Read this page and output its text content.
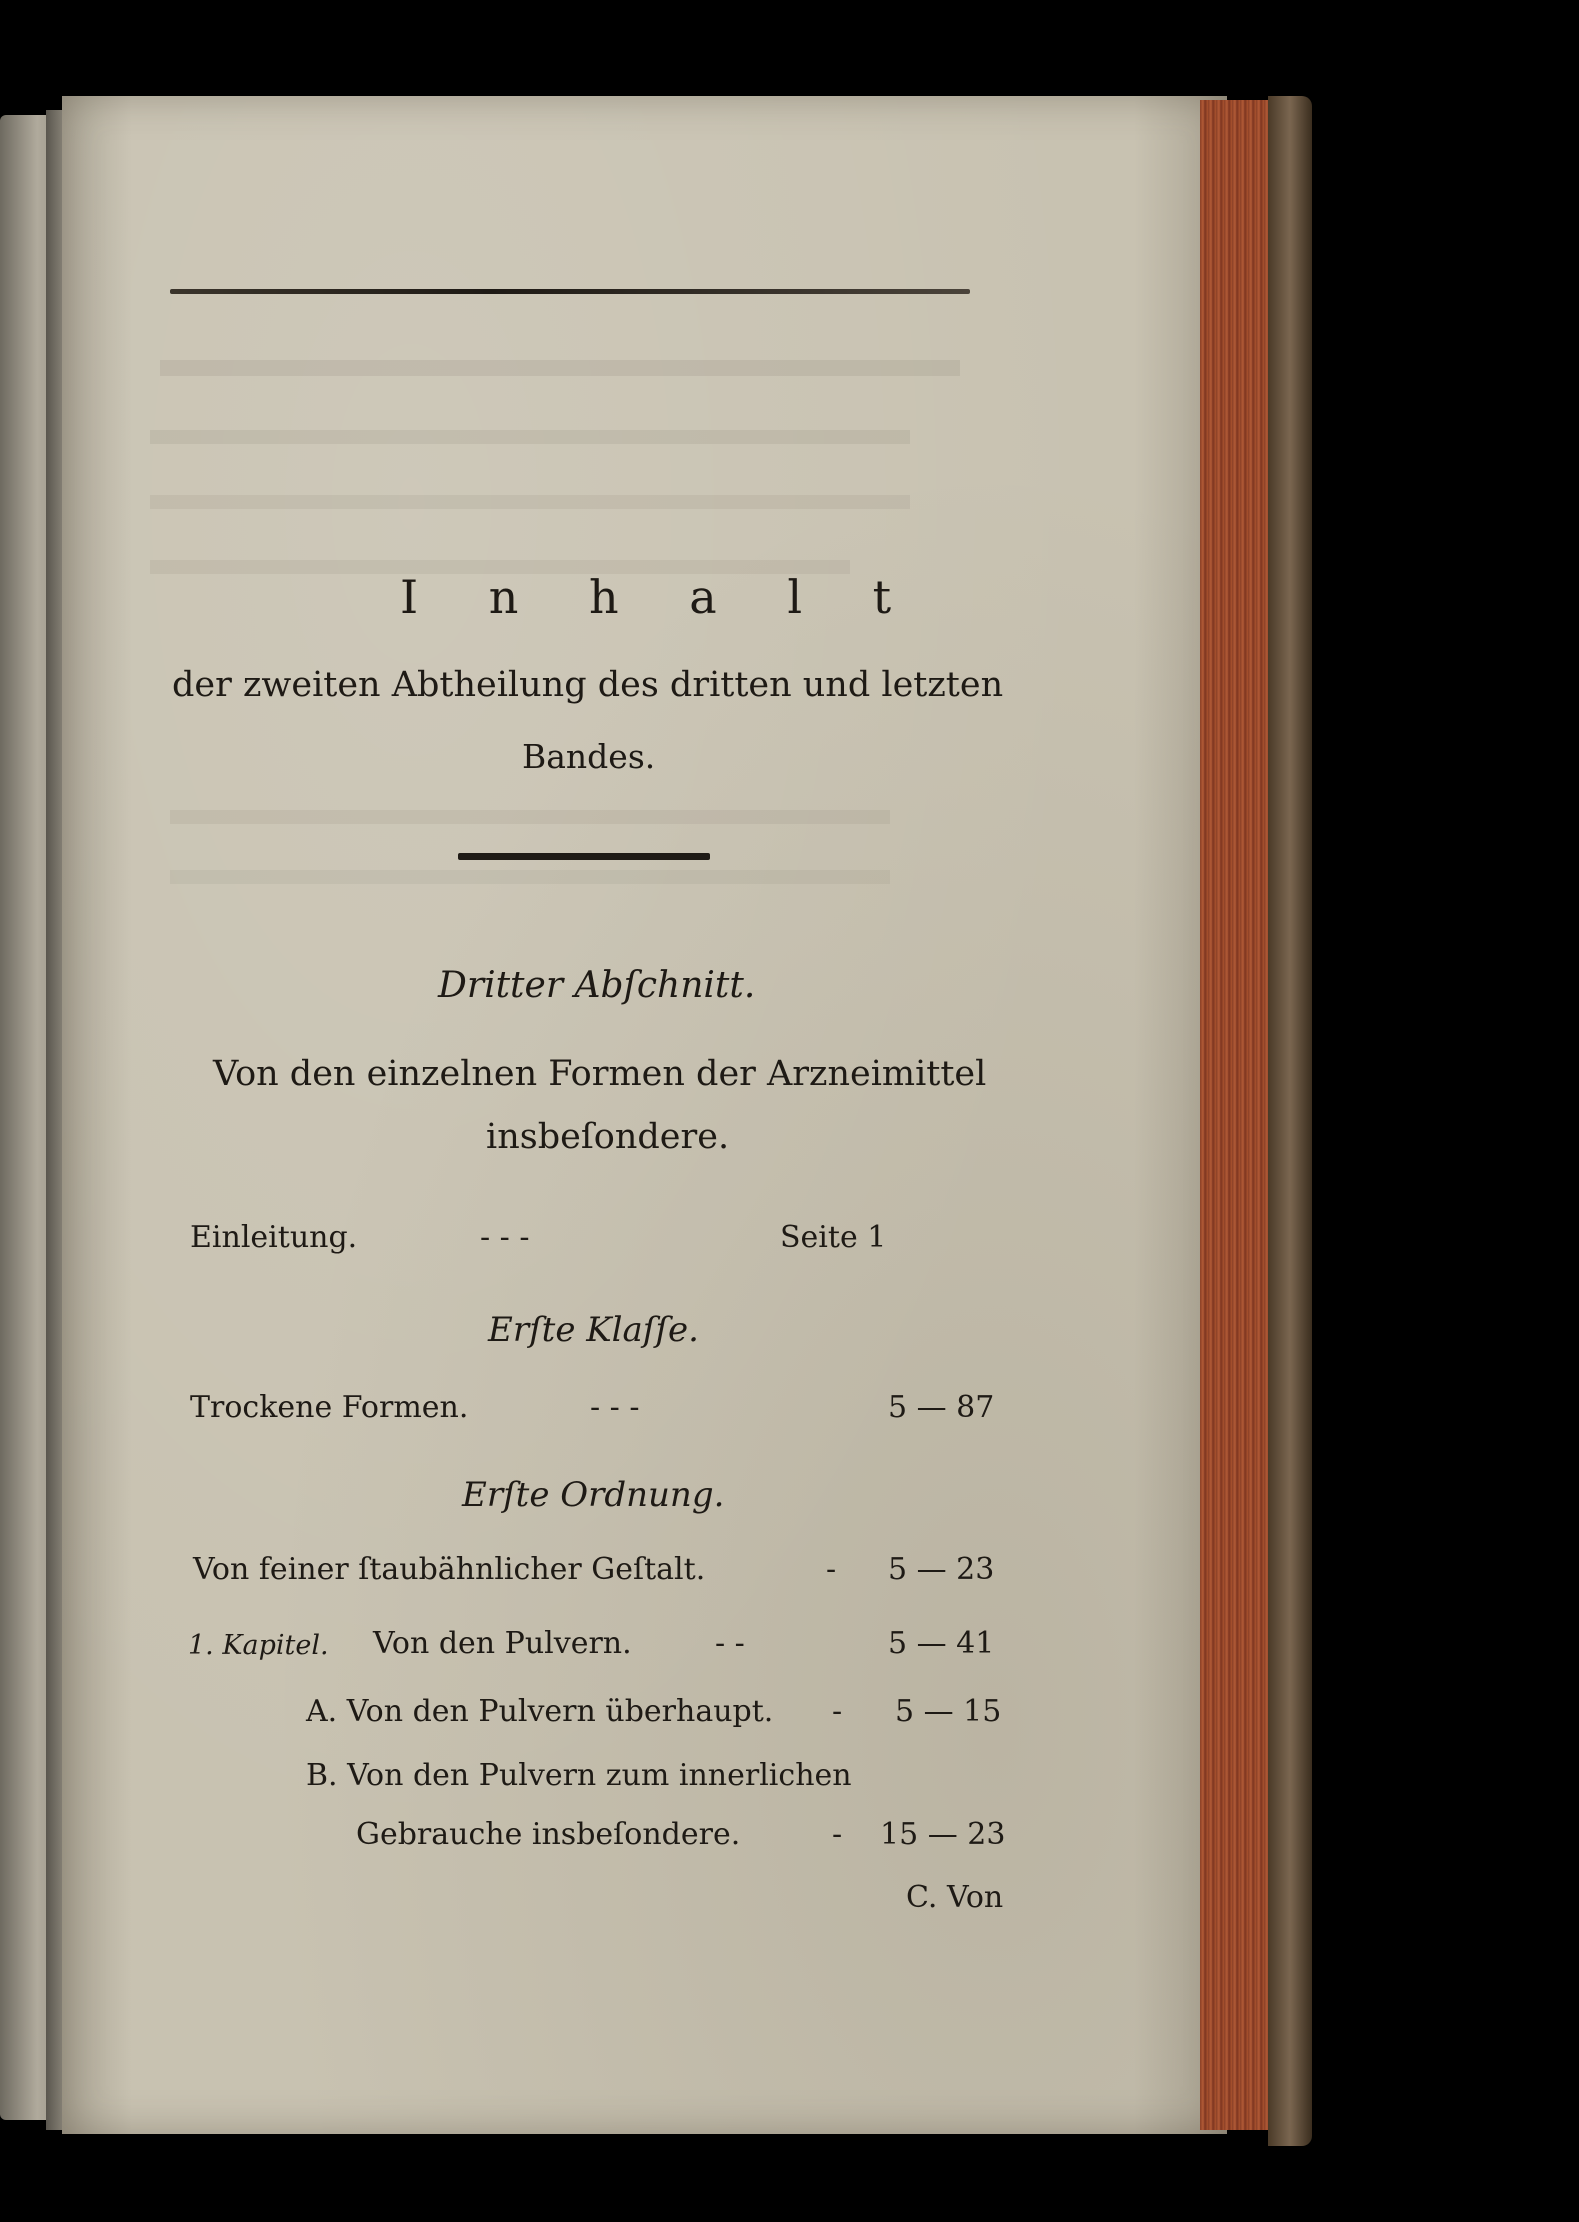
I n h a l t
der zweiten Abtheilung des dritten und letzten
Bandes.
Dritter Abſchnitt.
Von den einzelnen Formen der Arzneimittel
insbeſondere.
Einleitung.	- - -	Seite 1
Erſte Klaſſe.
Trockene Formen.	- - -	5 — 87
Erſte Ordnung.
Von feiner ſtaubähnlicher Geſtalt.	- 5 — 23
1. Kapitel. Von den Pulvern.	- -	5 — 41
A. Von den Pulvern überhaupt. - 5 — 15
B. Von den Pulvern zum innerlichen
Gebrauche insbeſondere.	- 15 — 23
C. Von
